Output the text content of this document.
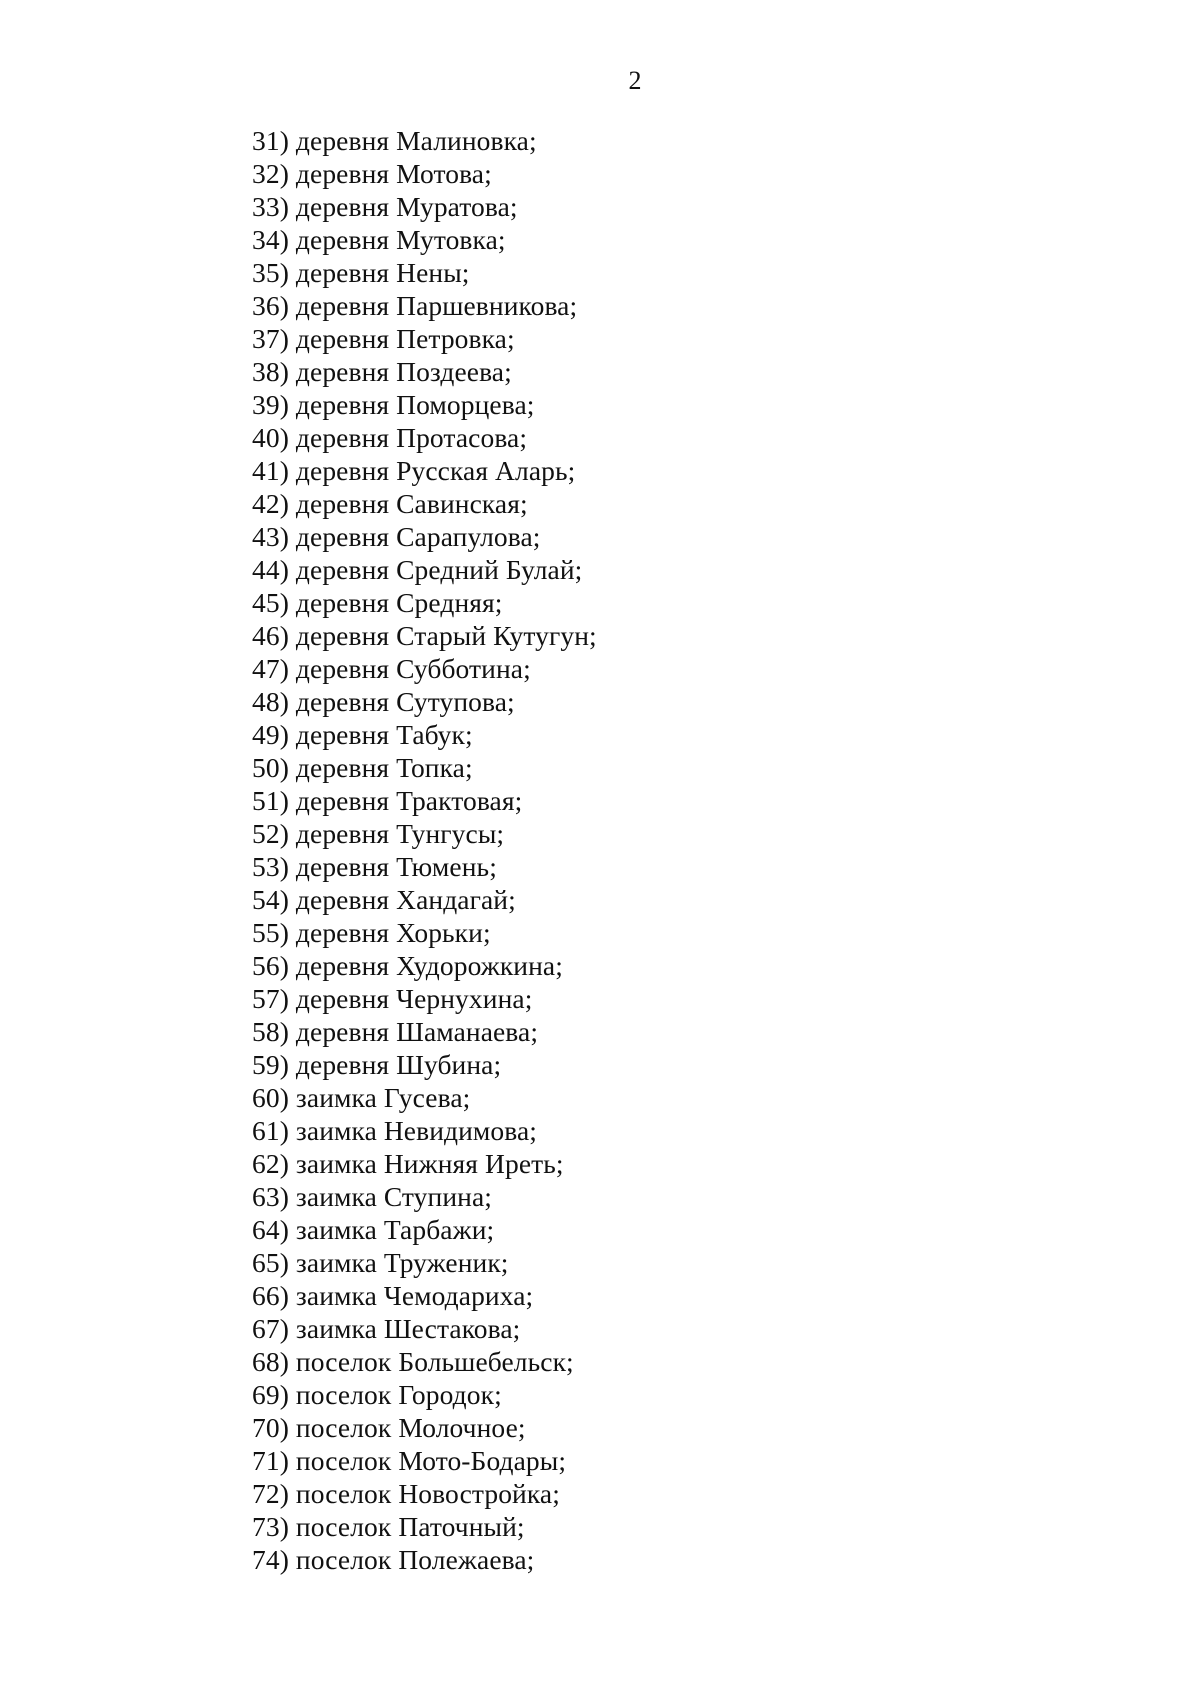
2
31) деревня Малиновка;
32) деревня Мотова;
33) деревня Муратова;
34) деревня Мутовка;
35) деревня Нены;
36) деревня Паршевникова;
37) деревня Петровка;
38) деревня Поздеева;
39) деревня Поморцева;
40) деревня Протасова;
41) деревня Русская Аларь;
42) деревня Савинская;
43) деревня Сарапулова;
44) деревня Средний Булай;
45) деревня Средняя;
46) деревня Старый Кутугун;
47) деревня Субботина;
48) деревня Сутупова;
49) деревня Табук;
50) деревня Топка;
51) деревня Трактовая;
52) деревня Тунгусы;
53) деревня Тюмень;
54) деревня Хандагай;
55) деревня Хорьки;
56) деревня Худорожкина;
57) деревня Чернухина;
58) деревня Шаманаева;
59) деревня Шубина;
60) заимка Гусева;
61) заимка Невидимова;
62) заимка Нижняя Иреть;
63) заимка Ступина;
64) заимка Тарбажи;
65) заимка Труженик;
66) заимка Чемодариха;
67) заимка Шестакова;
68) поселок Большебельск;
69) поселок Городок;
70) поселок Молочное;
71) поселок Мото-Бодары;
72) поселок Новостройка;
73) поселок Паточный;
74) поселок Полежаева;
